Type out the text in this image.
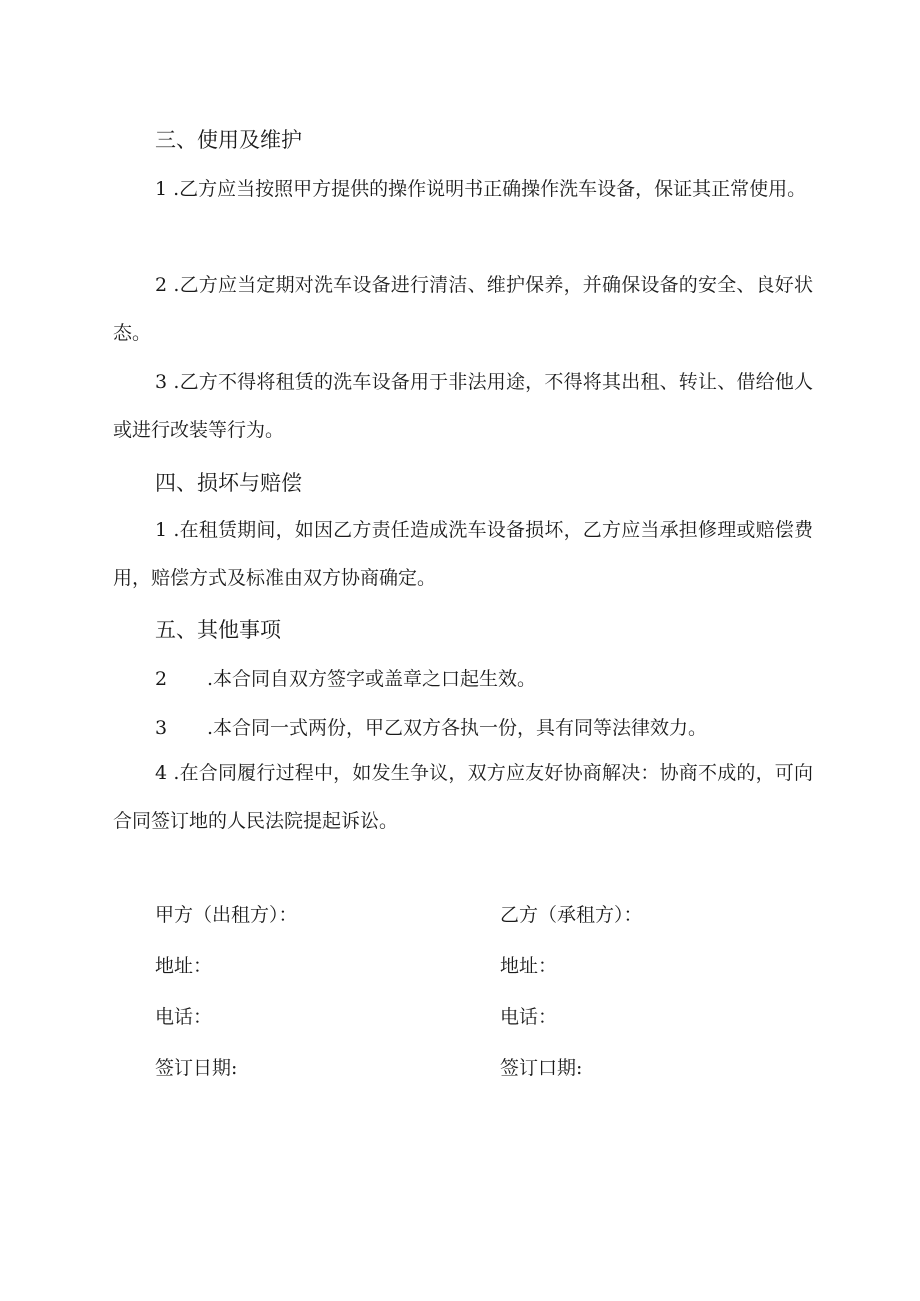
三、使用及维护

1 .乙方应当按照甲方提供的操作说明书正确操作洗车设备，保证其正常使用。

2 .乙方应当定期对洗车设备进行清洁、维护保养，并确保设备的安全、良好状态。

3 .乙方不得将租赁的洗车设备用于非法用途，不得将其出租、转让、借给他人或进行改装等行为。

四、损坏与赔偿

1 .在租赁期间，如因乙方责任造成洗车设备损坏，乙方应当承担修理或赔偿费用，赔偿方式及标准由双方协商确定。

五、其他事项

2 .本合同自双方签字或盖章之口起生效。

3 .本合同一式两份，甲乙双方各执一份，具有同等法律效力。

4 .在合同履行过程中，如发生争议，双方应友好协商解决：协商不成的，可向合同签订地的人民法院提起诉讼。

甲方（出租方）：

地址：

电话：

签订日期:

乙方（承租方）：

地址：

电话：

签订口期:
